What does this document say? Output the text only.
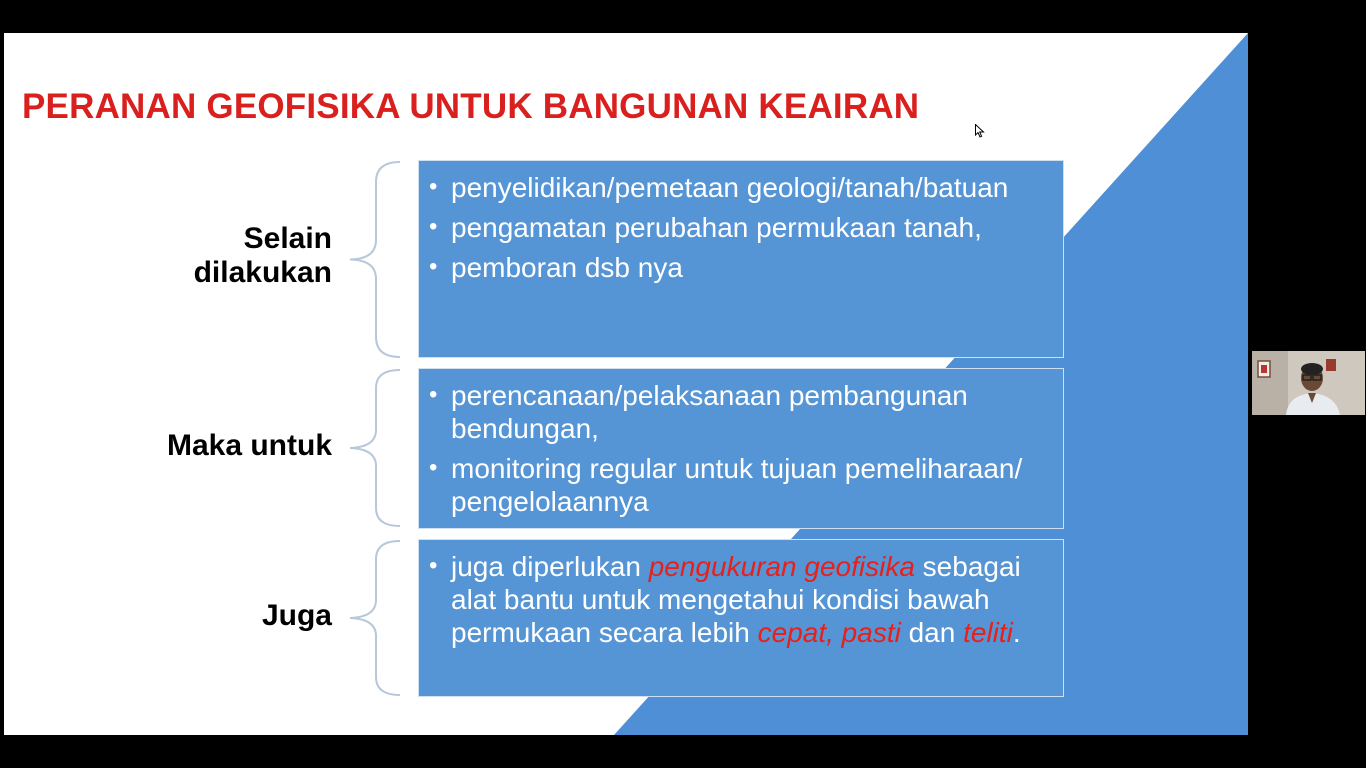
PERANAN GEOFISIKA UNTUK BANGUNAN KEAIRAN
Selain
dilakukan
• penyelidikan/pemetaan geologi/tanah/batuan
• pengamatan perubahan permukaan tanah,
• pemboran dsb nya
Maka untuk
• perencanaan/pelaksanaan pembangunan bendungan,
• monitoring regular untuk tujuan pemeliharaan/ pengelolaannya
Juga
• juga diperlukan pengukuran geofisika sebagai alat bantu untuk mengetahui kondisi bawah permukaan secara lebih cepat, pasti dan teliti.
